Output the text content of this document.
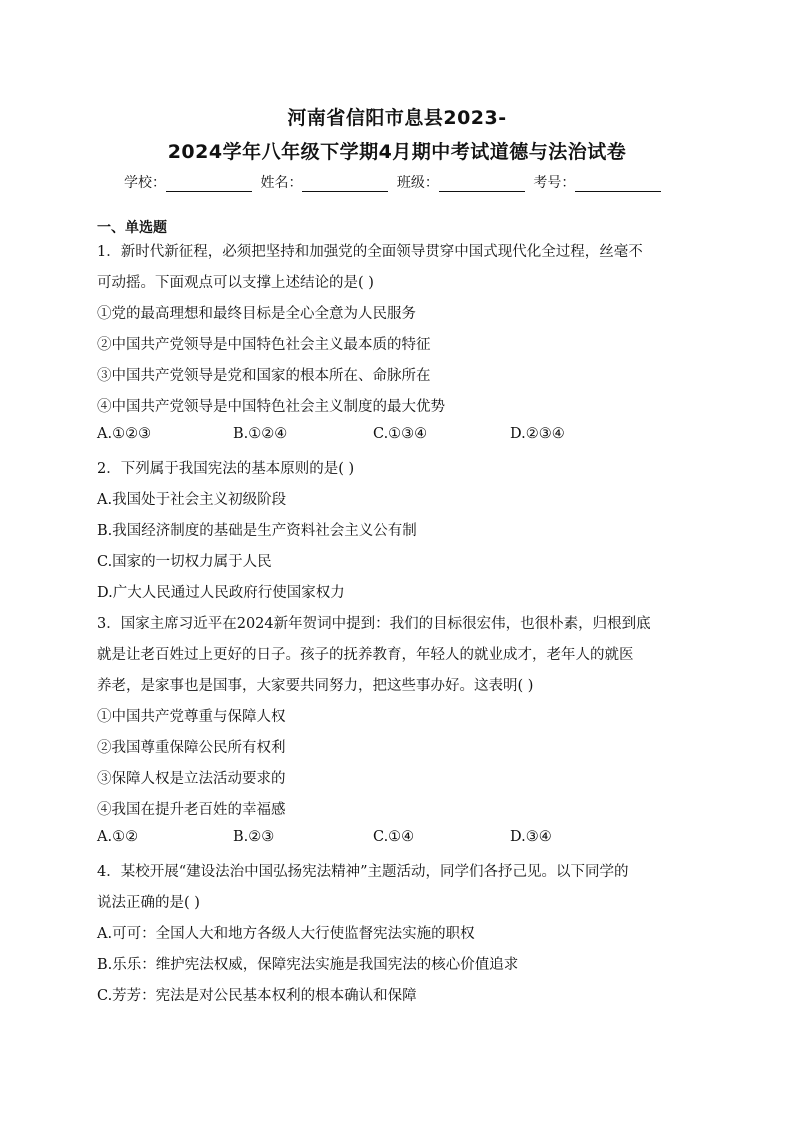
河南省信阳市息县2023-
2024学年八年级下学期4月期中考试道德与法治试卷
学校：	姓名：	班级：	考号：
一、单选题
1．新时代新征程，必须把坚持和加强党的全面领导贯穿中国式现代化全过程，丝毫不
可动摇。下面观点可以支撑上述结论的是( )
①党的最高理想和最终目标是全心全意为人民服务
②中国共产党领导是中国特色社会主义最本质的特征
③中国共产党领导是党和国家的根本所在、命脉所在
④中国共产党领导是中国特色社会主义制度的最大优势
A.①②③	B.①②④	C.①③④	D.②③④
2．下列属于我国宪法的基本原则的是( )
A.我国处于社会主义初级阶段
B.我国经济制度的基础是生产资料社会主义公有制
C.国家的一切权力属于人民
D.广大人民通过人民政府行使国家权力
3．国家主席习近平在2024新年贺词中提到：我们的目标很宏伟，也很朴素，归根到底
就是让老百姓过上更好的日子。孩子的抚养教育，年轻人的就业成才，老年人的就医
养老，是家事也是国事，大家要共同努力，把这些事办好。这表明( )
①中国共产党尊重与保障人权
②我国尊重保障公民所有权利
③保障人权是立法活动要求的
④我国在提升老百姓的幸福感
A.①②	B.②③	C.①④	D.③④
4．某校开展“建设法治中国弘扬宪法精神”主题活动，同学们各抒己见。以下同学的
说法正确的是( )
A.可可：全国人大和地方各级人大行使监督宪法实施的职权
B.乐乐：维护宪法权威，保障宪法实施是我国宪法的核心价值追求
C.芳芳：宪法是对公民基本权利的根本确认和保障
